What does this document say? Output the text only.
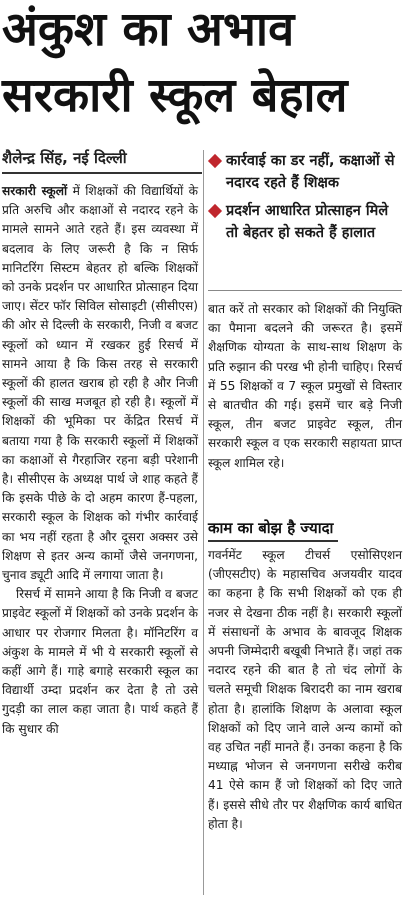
अंकुश का अभाव
सरकारी स्कूल बेहाल
शैलेन्द्र सिंह, नई दिल्ली

सरकारी स्कूलों में शिक्षकों की विद्यार्थियों के प्रति अरुचि और कक्षाओं से नदारद रहने के मामले सामने आते रहते हैं। इस व्यवस्था में बदलाव के लिए जरूरी है कि न सिर्फ मानिटरिंग सिस्टम बेहतर हो बल्कि शिक्षकों को उनके प्रदर्शन पर आधारित प्रोत्साहन दिया जाए। सेंटर फॉर सिविल सोसाइटी (सीसीएस) की ओर से दिल्ली के सरकारी, निजी व बजट स्कूलों को ध्यान में रखकर हुई रिसर्च में सामने आया है कि किस तरह से सरकारी स्कूलों की हालत खराब हो रही है और निजी स्कूलों की साख मजबूत हो रही है। स्कूलों में शिक्षकों की भूमिका पर केंद्रित रिसर्च में बताया गया है कि सरकारी स्कूलों में शिक्षकों का कक्षाओं से गैरहाजिर रहना बड़ी परेशानी है। सीसीएस के अध्यक्ष पार्थ जे शाह कहते हैं कि इसके पीछे के दो अहम कारण हैं-पहला, सरकारी स्कूल के शिक्षक को गंभीर कार्रवाई का भय नहीं रहता है और दूसरा अक्सर उसे शिक्षण से इतर अन्य कामों जैसे जनगणना, चुनाव ड्यूटी आदि में लगाया जाता है।

रिसर्च में सामने आया है कि निजी व बजट प्राइवेट स्कूलों में शिक्षकों को उनके प्रदर्शन के आधार पर रोजगार मिलता है। मॉनिटरिंग व अंकुश के मामले में भी ये सरकारी स्कूलों से कहीं आगे हैं। गाहे बगाहे सरकारी स्कूल का विद्यार्थी उम्दा प्रदर्शन कर देता है तो उसे गुदड़ी का लाल कहा जाता है। पार्थ कहते हैं कि सुधार की

कार्रवाई का डर नहीं, कक्षाओं से नदारद रहते हैं शिक्षक
प्रदर्शन आधारित प्रोत्साहन मिले तो बेहतर हो सकते हैं हालात

बात करें तो सरकार को शिक्षकों की नियुक्ति का पैमाना बदलने की जरूरत है। इसमें शैक्षणिक योग्यता के साथ-साथ शिक्षण के प्रति रुझान की परख भी होनी चाहिए। रिसर्च में 55 शिक्षकों व 7 स्कूल प्रमुखों से विस्तार से बातचीत की गई। इसमें चार बड़े निजी स्कूल, तीन बजट प्राइवेट स्कूल, तीन सरकारी स्कूल व एक सरकारी सहायता प्राप्त स्कूल शामिल रहे।

काम का बोझ है ज्यादा

गवर्नमेंट स्कूल टीचर्स एसोसिएशन (जीएसटीए) के महासचिव अजयवीर यादव का कहना है कि सभी शिक्षकों को एक ही नजर से देखना ठीक नहीं है। सरकारी स्कूलों में संसाधनों के अभाव के बावजूद शिक्षक अपनी जिम्मेदारी बखूबी निभाते हैं। जहां तक नदारद रहने की बात है तो चंद लोगों के चलते समूची शिक्षक बिरादरी का नाम खराब होता है। हालांकि शिक्षण के अलावा स्कूल शिक्षकों को दिए जाने वाले अन्य कामों को वह उचित नहीं मानते हैं। उनका कहना है कि मध्याह्न भोजन से जनगणना सरीखे करीब 41 ऐसे काम हैं जो शिक्षकों को दिए जाते हैं। इससे सीधे तौर पर शैक्षणिक कार्य बाधित होता है।
